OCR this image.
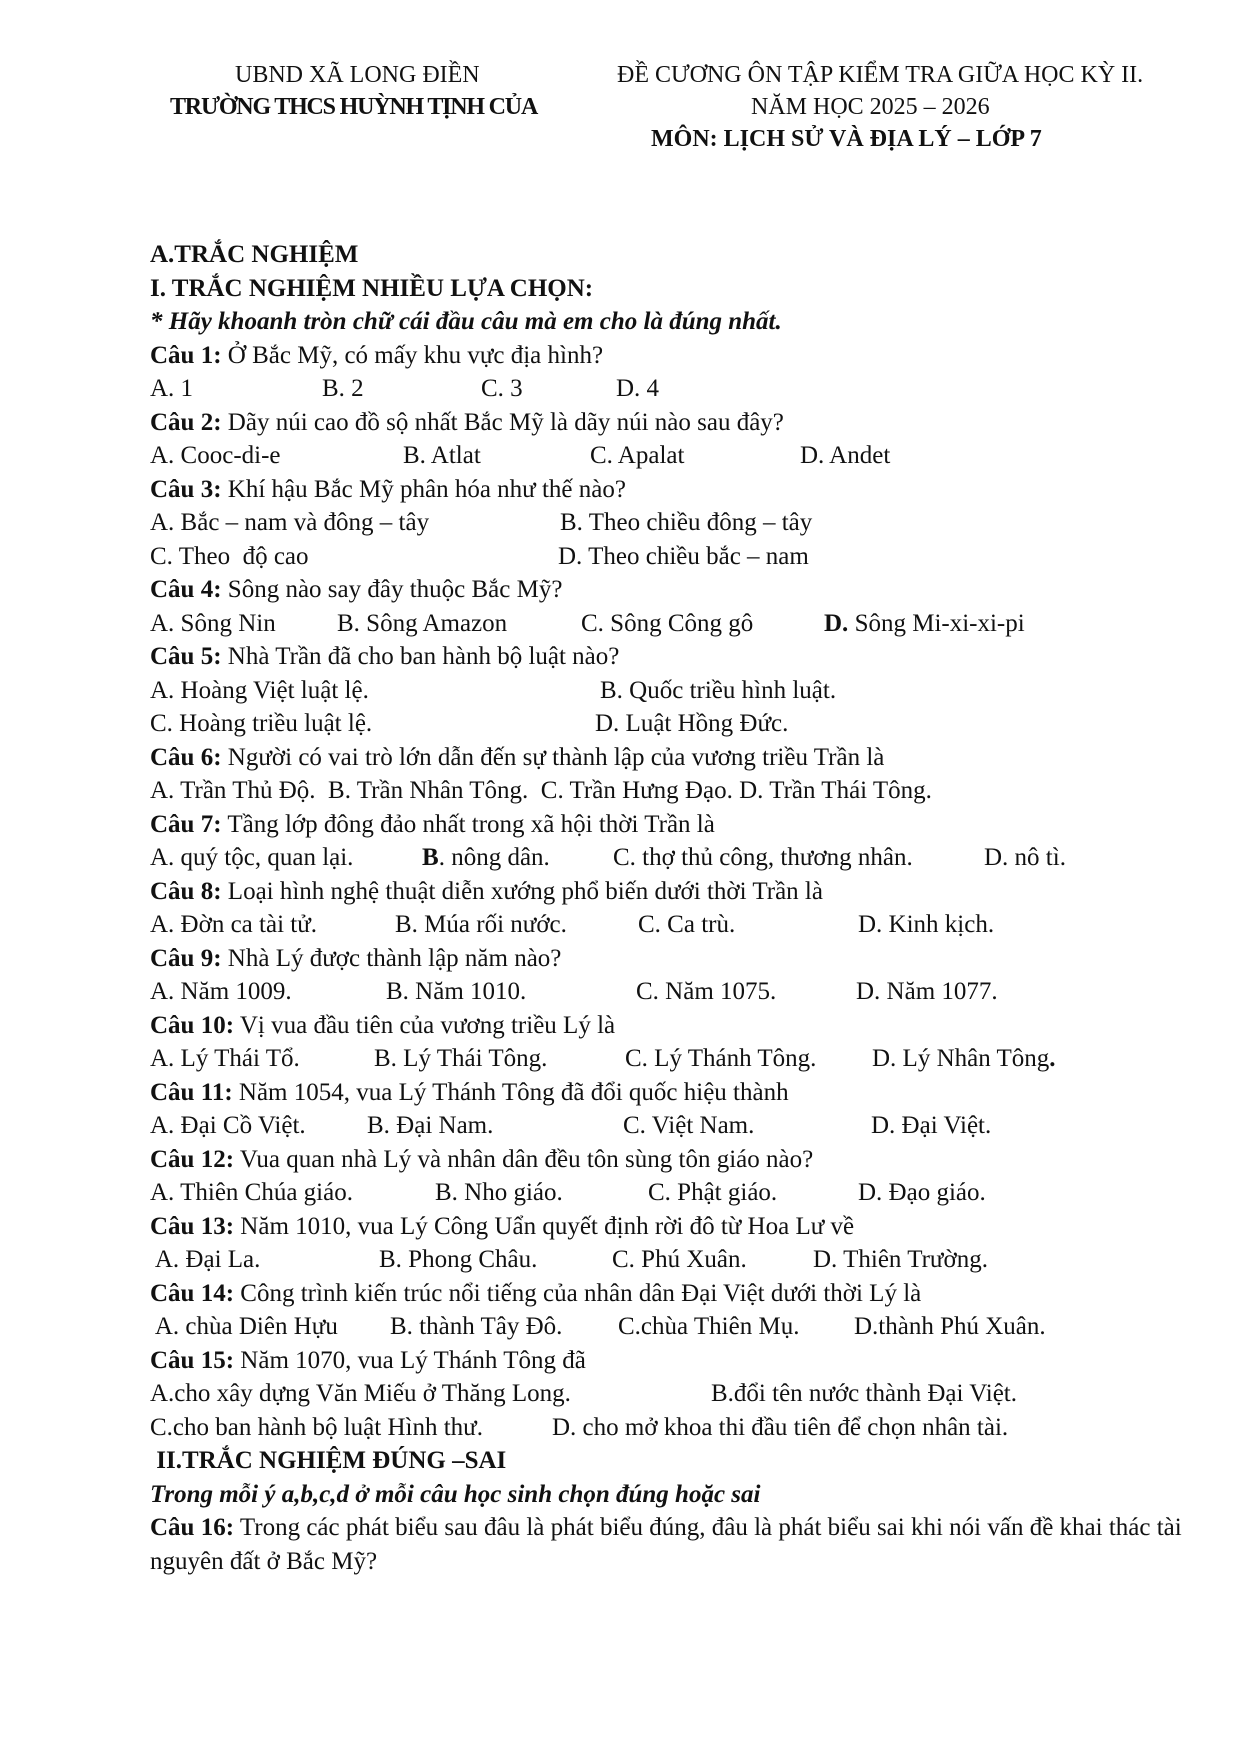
UBND XÃ LONG ĐIỀN
TRƯỜNG THCS HUỲNH TỊNH CỦA
ĐỀ CƯƠNG ÔN TẬP KIỂM TRA GIỮA HỌC KỲ II.
NĂM HỌC 2025 – 2026
MÔN: LỊCH SỬ VÀ ĐỊA LÝ – LỚP 7
A.TRẮC NGHIỆM
I. TRẮC NGHIỆM NHIỀU LỰA CHỌN:
* Hãy khoanh tròn chữ cái đầu câu mà em cho là đúng nhất.
Câu 1: Ở Bắc Mỹ, có mấy khu vực địa hình?
A. 1	B. 2	C. 3	D. 4
Câu 2: Dãy núi cao đồ sộ nhất Bắc Mỹ là dãy núi nào sau đây?
A. Cooc-di-e	B. Atlat	C. Apalat	D. Andet
Câu 3: Khí hậu Bắc Mỹ phân hóa như thế nào?
A. Bắc – nam và đông – tây	B. Theo chiều đông – tây
C. Theo  độ cao	D. Theo chiều bắc – nam
Câu 4: Sông nào say đây thuộc Bắc Mỹ?
A. Sông Nin B. Sông Amazon	C. Sông Công gô	D. Sông Mi-xi-xi-pi
Câu 5: Nhà Trần đã cho ban hành bộ luật nào?
A. Hoàng Việt luật lệ.	B. Quốc triều hình luật.
C. Hoàng triều luật lệ.	D. Luật Hồng Đức.
Câu 6: Người có vai trò lớn dẫn đến sự thành lập của vương triều Trần là
A. Trần Thủ Độ.  B. Trần Nhân Tông.  C. Trần Hưng Đạo. D. Trần Thái Tông.
Câu 7: Tầng lớp đông đảo nhất trong xã hội thời Trần là
A. quý tộc, quan lại.	B. nông dân.	C. thợ thủ công, thương nhân.	D. nô tì.
Câu 8: Loại hình nghệ thuật diễn xướng phổ biến dưới thời Trần là
A. Đờn ca tài tử.	B. Múa rối nước.	C. Ca trù.	D. Kinh kịch.
Câu 9: Nhà Lý được thành lập năm nào?
A. Năm 1009.	B. Năm 1010.	C. Năm 1075.	D. Năm 1077.
Câu 10: Vị vua đầu tiên của vương triều Lý là
A. Lý Thái Tổ.	B. Lý Thái Tông.	C. Lý Thánh Tông. D. Lý Nhân Tông.
Câu 11: Năm 1054, vua Lý Thánh Tông đã đổi quốc hiệu thành
A. Đại Cồ Việt. B. Đại Nam.	C. Việt Nam.	D. Đại Việt.
Câu 12: Vua quan nhà Lý và nhân dân đều tôn sùng tôn giáo nào?
A. Thiên Chúa giáo.	B. Nho giáo.	C. Phật giáo.	D. Đạo giáo.
Câu 13: Năm 1010, vua Lý Công Uẩn quyết định rời đô từ Hoa Lư về
A. Đại La.	B. Phong Châu.	C. Phú Xuân.	D. Thiên Trường.
Câu 14: Công trình kiến trúc nổi tiếng của nhân dân Đại Việt dưới thời Lý là
A. chùa Diên Hựu B. thành Tây Đô. C.chùa Thiên Mụ. D.thành Phú Xuân.
Câu 15: Năm 1070, vua Lý Thánh Tông đã
A.cho xây dựng Văn Miếu ở Thăng Long.	B.đổi tên nước thành Đại Việt.
C.cho ban hành bộ luật Hình thư.	D. cho mở khoa thi đầu tiên để chọn nhân tài.
II.TRẮC NGHIỆM ĐÚNG –SAI
Trong mỗi ý a,b,c,d ở mỗi câu học sinh chọn đúng hoặc sai
Câu 16: Trong các phát biểu sau đâu là phát biểu đúng, đâu là phát biểu sai khi nói vấn đề khai thác tài nguyên đất ở Bắc Mỹ?
